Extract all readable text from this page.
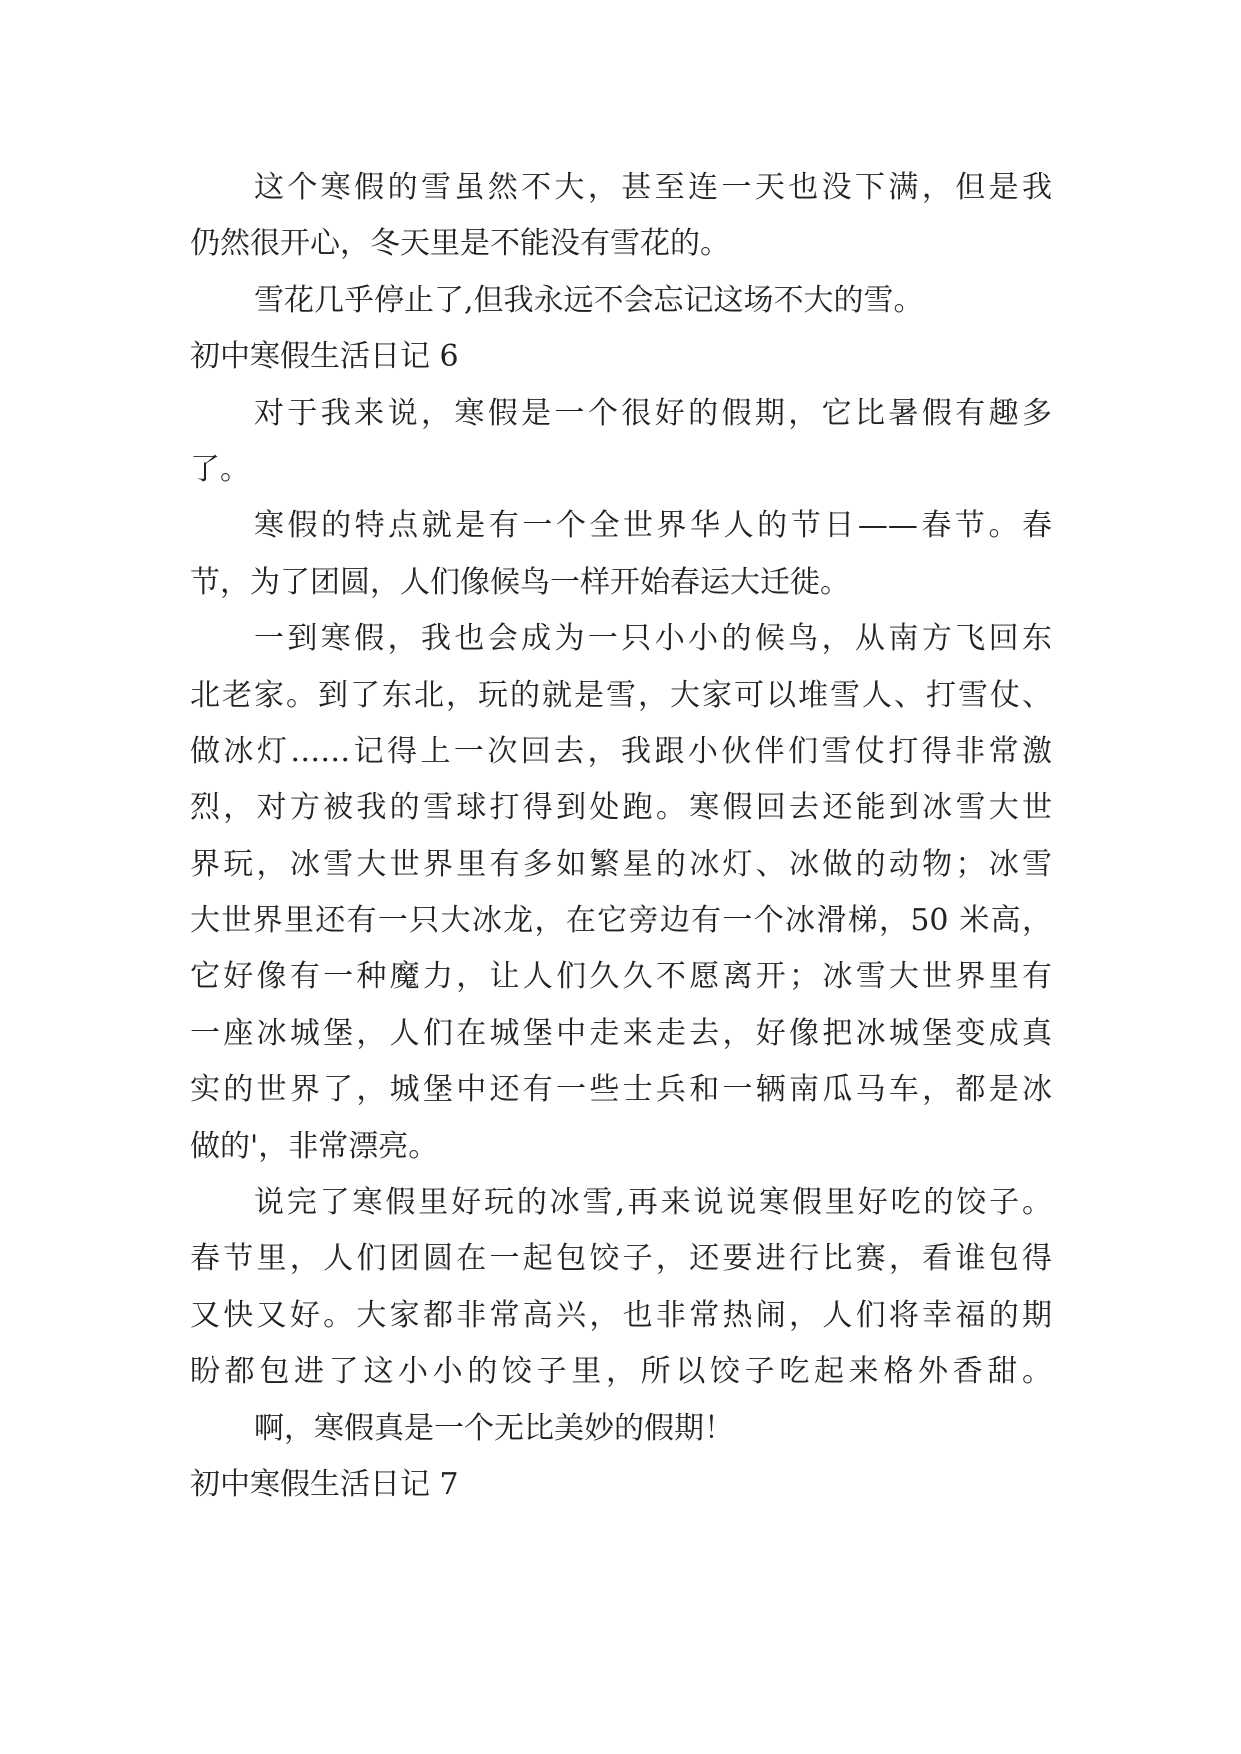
这个寒假的雪虽然不大，甚至连一天也没下满，但是我
仍然很开心，冬天里是不能没有雪花的。
雪花几乎停止了,但我永远不会忘记这场不大的雪。
初中寒假生活日记 6
对于我来说，寒假是一个很好的假期，它比暑假有趣多
了。
寒假的特点就是有一个全世界华人的节日——春节。春
节，为了团圆，人们像候鸟一样开始春运大迁徙。
一到寒假，我也会成为一只小小的候鸟，从南方飞回东
北老家。到了东北，玩的就是雪，大家可以堆雪人、打雪仗、
做冰灯……记得上一次回去，我跟小伙伴们雪仗打得非常激
烈，对方被我的雪球打得到处跑。寒假回去还能到冰雪大世
界玩，冰雪大世界里有多如繁星的冰灯、冰做的动物；冰雪
大世界里还有一只大冰龙，在它旁边有一个冰滑梯，50 米高，
它好像有一种魔力，让人们久久不愿离开；冰雪大世界里有
一座冰城堡，人们在城堡中走来走去，好像把冰城堡变成真
实的世界了，城堡中还有一些士兵和一辆南瓜马车，都是冰
做的'，非常漂亮。
说完了寒假里好玩的冰雪,再来说说寒假里好吃的饺子。
春节里，人们团圆在一起包饺子，还要进行比赛，看谁包得
又快又好。大家都非常高兴，也非常热闹，人们将幸福的期
盼都包进了这小小的饺子里，所以饺子吃起来格外香甜。
啊，寒假真是一个无比美妙的假期！
初中寒假生活日记 7
